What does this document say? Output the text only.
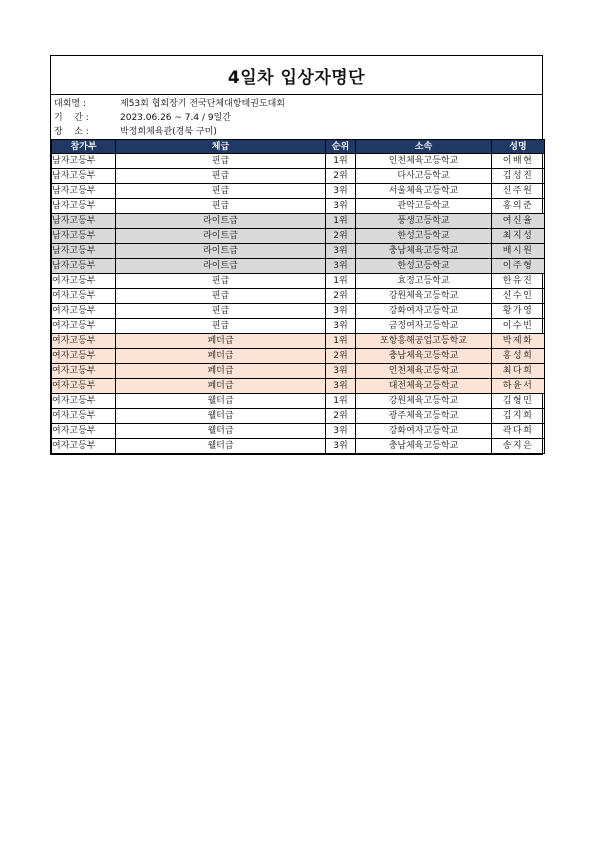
4일차 입상자명단
대회명 :	제53회 협회장기 전국단체대항태권도대회
기    간 :	2023.06.26 ~ 7.4 / 9일간
장    소 :	박정희체육관(경북 구미)
참가부	체급	순위	소속	성명
남자고등부	핀급	1위	인천체육고등학교	이배현
남자고등부	핀급	2위	다사고등학교	김성진
남자고등부	핀급	3위	서울체육고등학교	신주원
남자고등부	핀급	3위	관악고등학교	홍의준
남자고등부	라이트급	1위	풍생고등학교	여신율
남자고등부	라이트급	2위	한성고등학교	최지성
남자고등부	라이트급	3위	충남체육고등학교	배시원
남자고등부	라이트급	3위	한성고등학교	이주형
여자고등부	핀급	1위	효정고등학교	한유진
여자고등부	핀급	2위	강원체육고등학교	신수인
여자고등부	핀급	3위	강화여자고등학교	황가영
여자고등부	핀급	3위	금정여자고등학교	이수빈
여자고등부	페더급	1위	포항흥해공업고등학교	박제화
여자고등부	페더급	2위	충남체육고등학교	홍성희
여자고등부	페더급	3위	인천체육고등학교	최다희
여자고등부	페더급	3위	대전체육고등학교	하윤서
여자고등부	웰터급	1위	강원체육고등학교	김형민
여자고등부	웰터급	2위	광주체육고등학교	김지희
여자고등부	웰터급	3위	강화여자고등학교	곽다희
여자고등부	웰터급	3위	충남체육고등학교	송지은
